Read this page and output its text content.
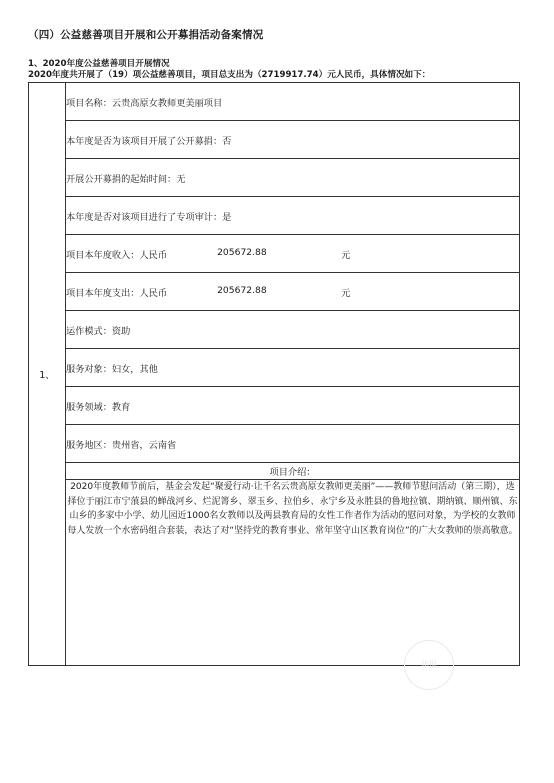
（四）公益慈善项目开展和公开募捐活动备案情况
1、2020年度公益慈善项目开展情况
2020年度共开展了（19）项公益慈善项目，项目总支出为（2719917.74）元人民币，具体情况如下：
1、	项目名称：云贵高原女教师更美丽项目
本年度是否为该项目开展了公开募捐：否
开展公开募捐的起始时间：无
本年度是否对该项目进行了专项审计：是

项目本年度收入：人民币	205672.88	元

项目本年度支出：人民币	205672.88	元

运作模式：资助
服务对象：妇女，其他
服务领域：教育
服务地区：贵州省，云南省
项目介绍：
2020年度教师节前后，基金会发起“聚爱行动·让千名云贵高原女教师更美丽”——教师节慰问活动（第三期），选择位于丽江市宁蒗县的蝉战河乡、烂泥箐乡、翠玉乡、拉伯乡、永宁乡及永胜县的鲁地拉镇、期纳镇、顺州镇、东山乡的多家中小学、幼儿园近1000名女教师以及两县教育局的女性工作者作为活动的慰问对象，为学校的女教师每人发放一个水密码组合套装，表达了对“坚持党的教育事业、常年坚守山区教育岗位”的广大女教师的崇高敬意。
年报
